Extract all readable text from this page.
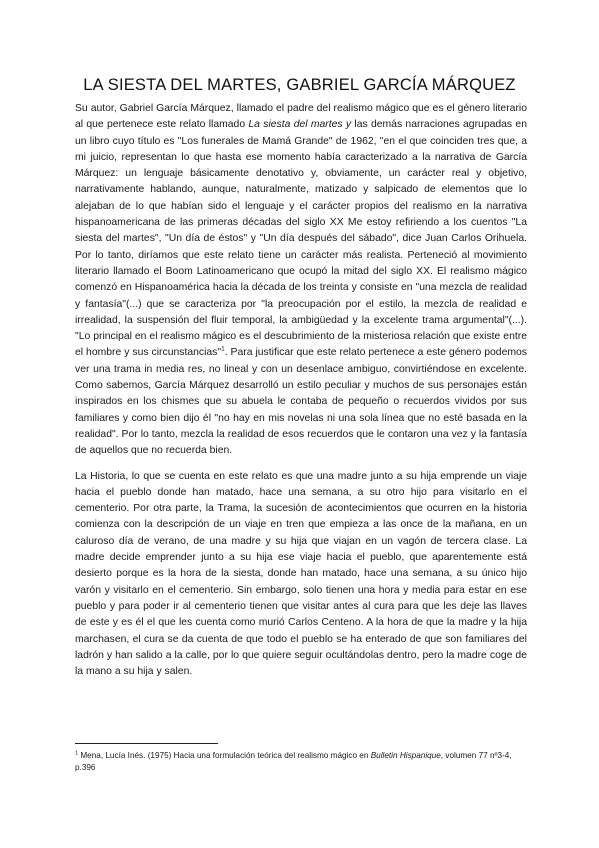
LA SIESTA DEL MARTES, GABRIEL GARCÍA MÁRQUEZ

Su autor, Gabriel García Márquez, llamado el padre del realismo mágico que es el género literario al que pertenece este relato llamado La siesta del martes y las demás narraciones agrupadas en un libro cuyo título es "Los funerales de Mamá Grande" de 1962, "en el que coinciden tres que, a mi juicio, representan lo que hasta ese momento había caracterizado a la narrativa de García Márquez: un lenguaje básicamente denotativo y, obviamente, un carácter real y objetivo, narrativamente hablando, aunque, naturalmente, matizado y salpicado de elementos que lo alejaban de lo que habían sido el lenguaje y el carácter propios del realismo en la narrativa hispanoamericana de las primeras décadas del siglo XX Me estoy refiriendo a los cuentos "La siesta del martes", "Un día de éstos" y "Un día después del sábado", dice Juan Carlos Orihuela. Por lo tanto, diríamos que este relato tiene un carácter más realista. Perteneció al movimiento literario llamado el Boom Latinoamericano que ocupó la mitad del siglo XX. El realismo mágico comenzó en Hispanoamérica hacia la década de los treinta y consiste en "una mezcla de realidad y fantasía"(...) que se caracteriza por "la preocupación por el estilo, la mezcla de realidad e irrealidad, la suspensión del fluir temporal, la ambigüedad y la excelente trama argumental"(...). "Lo principal en el realismo mágico es el descubrimiento de la misteriosa relación que existe entre el hombre y sus circunstancias"$^1$. Para justificar que este relato pertenece a este género podemos ver una trama in media res, no lineal y con un desenlace ambiguo, convirtiéndose en excelente. Como sabemos, García Márquez desarrolló un estilo peculiar y muchos de sus personajes están inspirados en los chismes que su abuela le contaba de pequeño o recuerdos vividos por sus familiares y como bien dijo él "no hay en mis novelas ni una sola línea que no esté basada en la realidad". Por lo tanto, mezcla la realidad de esos recuerdos que le contaron una vez y la fantasía de aquellos que no recuerda bien.

La Historia, lo que se cuenta en este relato es que una madre junto a su hija emprende un viaje hacia el pueblo donde han matado, hace una semana, a su otro hijo para visitarlo en el cementerio. Por otra parte, la Trama, la sucesión de acontecimientos que ocurren en la historia comienza con la descripción de un viaje en tren que empieza a las once de la mañana, en un caluroso día de verano, de una madre y su hija que viajan en un vagón de tercera clase. La madre decide emprender junto a su hija ese viaje hacia el pueblo, que aparentemente está desierto porque es la hora de la siesta, donde han matado, hace una semana, a su único hijo varón y visitarlo en el cementerio. Sin embargo, solo tienen una hora y media para estar en ese pueblo y para poder ir al cementerio tienen que visitar antes al cura para que les deje las llaves de este y es él el que les cuenta como murió Carlos Centeno. A la hora de que la madre y la hija marchasen, el cura se da cuenta de que todo el pueblo se ha enterado de que son familiares del ladrón y han salido a la calle, por lo que quiere seguir ocultándolas dentro, pero la madre coge de la mano a su hija y salen.

$^1$ Mena, Lucía Inés. (1975) Hacia una formulación teórica del realismo mágico en Bulletin Hispanique, volumen 77 nº3-4, p.396
